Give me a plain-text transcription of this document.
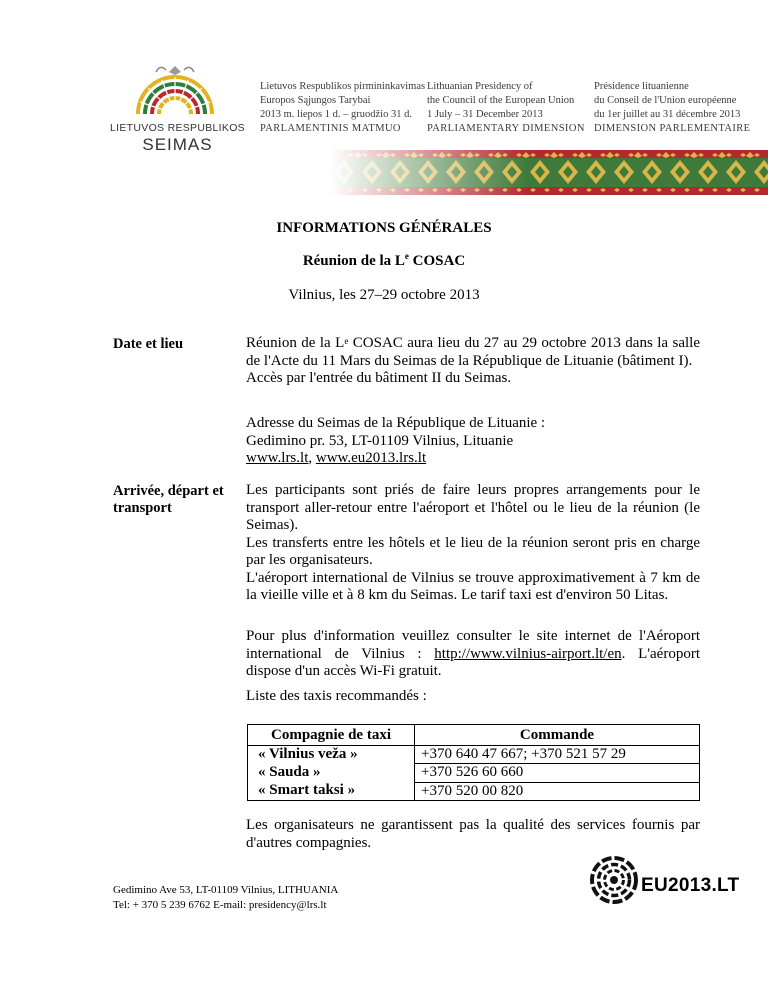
LIETUVOS RESPUBLIKOS
SEIMAS
Lietuvos Respublikos pirmininkavimas
Europos Sąjungos Tarybai
2013 m. liepos 1 d. – gruodžio 31 d.
PARLAMENTINIS MATMUO
Lithuanian Presidency of
the Council of the European Union
1 July – 31 December 2013
PARLIAMENTARY DIMENSION
Présidence lituanienne
du Conseil de l'Union européenne
du 1er juillet au 31 décembre 2013
DIMENSION PARLEMENTAIRE
INFORMATIONS GÉNÉRALES
Réunion de la Le COSAC
Vilnius, les 27–29 octobre 2013
Date et lieu	Réunion de la Le COSAC aura lieu du 27 au 29 octobre 2013 dans la salle de l'Acte du 11 Mars du Seimas de la République de Lituanie (bâtiment I).
Accès par l'entrée du bâtiment II du Seimas.
Adresse du Seimas de la République de Lituanie :
Gedimino pr. 53, LT-01109 Vilnius, Lituanie
www.lrs.lt, www.eu2013.lrs.lt
Arrivée, départ et
transport
Les participants sont priés de faire leurs propres arrangements pour le transport aller-retour entre l'aéroport et l'hôtel ou le lieu de la réunion (le Seimas).
Les transferts entre les hôtels et le lieu de la réunion seront pris en charge par les organisateurs.
L'aéroport international de Vilnius se trouve approximativement à 7 km de la vieille ville et à 8 km du Seimas. Le tarif taxi est d'environ 50 Litas.
Pour plus d'information veuillez consulter le site internet de l'Aéroport international de Vilnius : http://www.vilnius-airport.lt/en. L'aéroport dispose d'un accès Wi-Fi gratuit.
Liste des taxis recommandés :
Compagnie de taxi	Commande
« Vilnius veža »	+370 640 47 667; +370 521 57 29
« Sauda »	+370 526 60 660
« Smart taksi »	+370 520 00 820
Les organisateurs ne garantissent pas la qualité des services fournis par d'autres compagnies.
Gedimino Ave 53, LT-01109 Vilnius, LITHUANIA
Tel: + 370 5 239 6762 E-mail: presidency@lrs.lt
EU2013.LT
